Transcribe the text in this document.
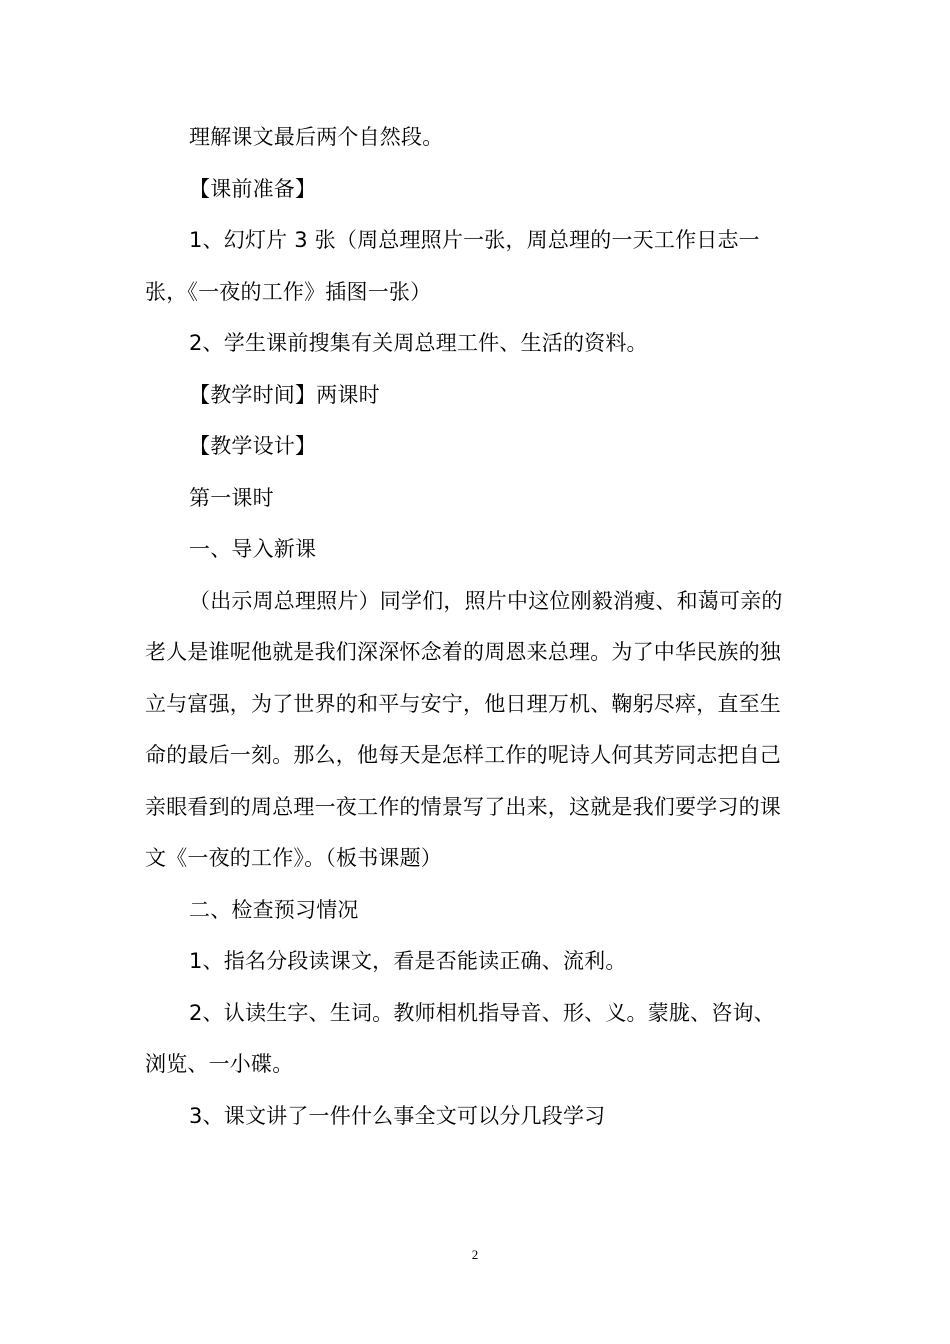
理解课文最后两个自然段。

【课前准备】

1、幻灯片 3 张（周总理照片一张，周总理的一天工作日志一张，《一夜的工作》插图一张）

2、学生课前搜集有关周总理工件、生活的资料。

【教学时间】两课时

【教学设计】

第一课时

一、导入新课

（出示周总理照片）同学们，照片中这位刚毅消瘦、和蔼可亲的老人是谁呢他就是我们深深怀念着的周恩来总理。为了中华民族的独立与富强，为了世界的和平与安宁，他日理万机、鞠躬尽瘁，直至生命的最后一刻。那么，他每天是怎样工作的呢诗人何其芳同志把自己亲眼看到的周总理一夜工作的情景写了出来，这就是我们要学习的课文《一夜的工作》。（板书课题）

二、检查预习情况

1、指名分段读课文，看是否能读正确、流利。

2、认读生字、生词。教师相机指导音、形、义。蒙胧、咨询、浏览、一小碟。

3、课文讲了一件什么事全文可以分几段学习

2
